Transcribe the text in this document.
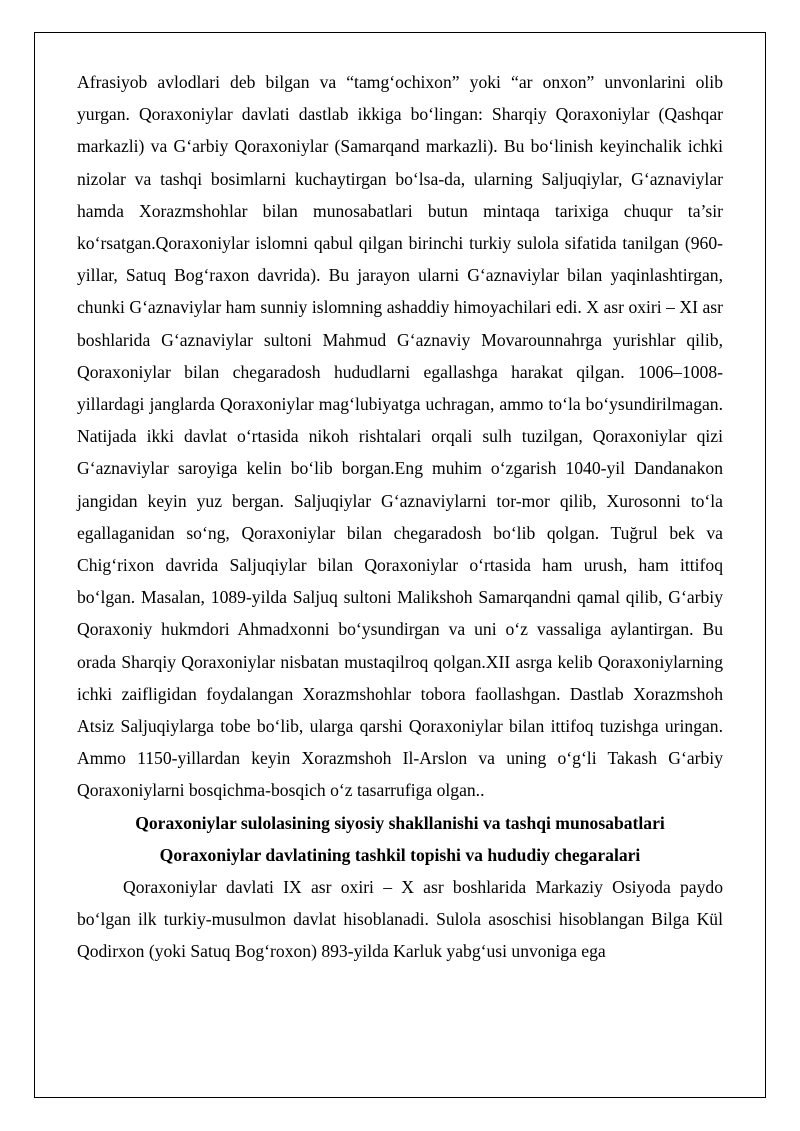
Afrasiyob avlodlari deb bilgan va “tamg‘ochixon” yoki “ar onxon” unvonlarini olib yurgan. Qoraxoniylar davlati dastlab ikkiga bo‘lingan: Sharqiy Qoraxoniylar (Qashqar markazli) va G‘arbiy Qoraxoniylar (Samarqand markazli). Bu bo‘linish keyinchalik ichki nizolar va tashqi bosimlarni kuchaytirgan bo‘lsa-da, ularning Saljuqiylar, G‘aznaviylar hamda Xorazmshohlar bilan munosabatlari butun mintaqa tarixiga chuqur ta’sir ko‘rsatgan.Qoraxoniylar islomni qabul qilgan birinchi turkiy sulola sifatida tanilgan (960-yillar, Satuq Bog‘raxon davrida). Bu jarayon ularni G‘aznaviylar bilan yaqinlashtirgan, chunki G‘aznaviylar ham sunniy islomning ashaddiy himoyachilari edi. X asr oxiri – XI asr boshlarida G‘aznaviylar sultoni Mahmud G‘aznaviy Movarounnahrga yurishlar qilib, Qoraxoniylar bilan chegaradosh hududlarni egallashga harakat qilgan. 1006–1008-yillardagi janglarda Qoraxoniylar mag‘lubiyatga uchragan, ammo to‘la bo‘ysundirilmagan. Natijada ikki davlat o‘rtasida nikoh rishtalari orqali sulh tuzilgan, Qoraxoniylar qizi G‘aznaviylar saroyiga kelin bo‘lib borgan.Eng muhim o‘zgarish 1040-yil Dandanakon jangidan keyin yuz bergan. Saljuqiylar G‘aznaviylarni tor-mor qilib, Xurosonni to‘la egallaganidan so‘ng, Qoraxoniylar bilan chegaradosh bo‘lib qolgan. Tuğrul bek va Chig‘rixon davrida Saljuqiylar bilan Qoraxoniylar o‘rtasida ham urush, ham ittifoq bo‘lgan. Masalan, 1089-yilda Saljuq sultoni Malikshoh Samarqandni qamal qilib, G‘arbiy Qoraxoniy hukmdori Ahmadxonni bo‘ysundirgan va uni o‘z vassaliga aylantirgan. Bu orada Sharqiy Qoraxoniylar nisbatan mustaqilroq qolgan.XII asrga kelib Qoraxoniylarning ichki zaifligidan foydalangan Xorazmshohlar tobora faollashgan. Dastlab Xorazmshoh Atsiz Saljuqiylarga tobe bo‘lib, ularga qarshi Qoraxoniylar bilan ittifoq tuzishga uringan. Ammo 1150-yillardan keyin Xorazmshoh Il-Arslon va uning o‘g‘li Takash G‘arbiy Qoraxoniylarni bosqichma-bosqich o‘z tasarrufiga olgan..

Qoraxoniylar sulolasining siyosiy shakllanishi va tashqi munosabatlari

Qoraxoniylar davlatining tashkil topishi va hududiy chegaralari

Qoraxoniylar davlati IX asr oxiri – X asr boshlarida Markaziy Osiyoda paydo bo‘lgan ilk turkiy-musulmon davlat hisoblanadi. Sulola asoschisi hisoblangan Bilga Kül Qodirxon (yoki Satuq Bog‘roxon) 893-yilda Karluk yabg‘usi unvoniga ega
